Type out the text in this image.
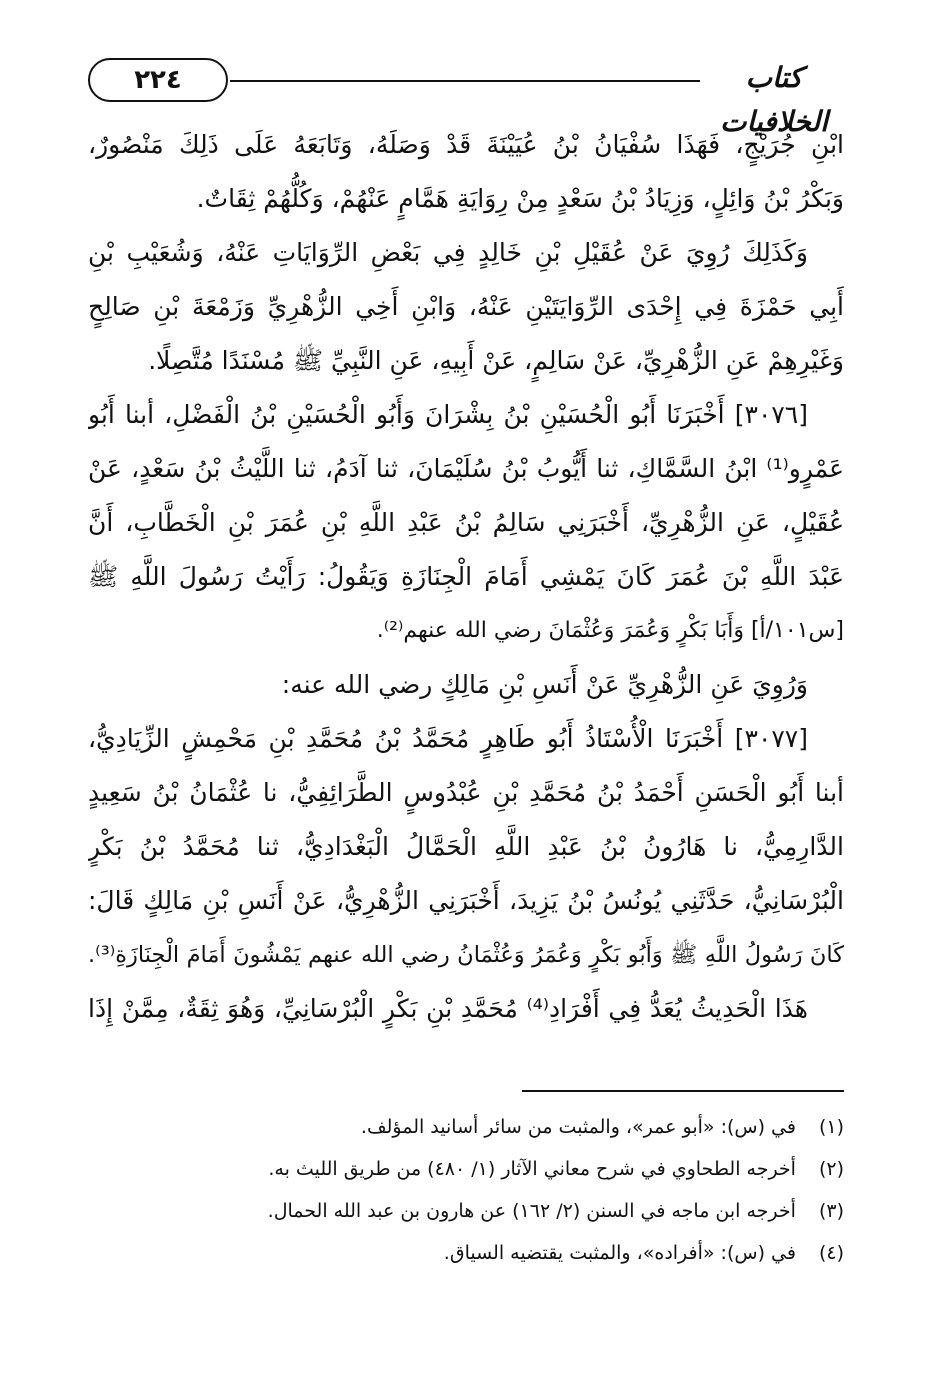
٢٢٤	كتاب الخلافيات
ابْنِ جُرَيْجٍ، فَهَذَا سُفْيَانُ بْنُ عُيَيْنَةَ قَدْ وَصَلَهُ، وَتَابَعَهُ عَلَى ذَلِكَ مَنْصُورٌ،
وَبَكْرُ بْنُ وَائِلٍ، وَزِيَادُ بْنُ سَعْدٍ مِنْ رِوَايَةِ هَمَّامٍ عَنْهُمْ، وَكُلُّهُمْ ثِقَاتٌ.
وَكَذَلِكَ رُوِيَ عَنْ عُقَيْلِ بْنِ خَالِدٍ فِي بَعْضِ الرِّوَايَاتِ عَنْهُ، وَشُعَيْبِ بْنِ
أَبِي حَمْزَةَ فِي إِحْدَى الرِّوَايَتَيْنِ عَنْهُ، وَابْنِ أَخِي الزُّهْرِيِّ وَزَمْعَةَ بْنِ صَالِحٍ
وَغَيْرِهِمْ عَنِ الزُّهْرِيِّ، عَنْ سَالِمٍ، عَنْ أَبِيهِ، عَنِ النَّبِيِّ ﷺ مُسْنَدًا مُتَّصِلًا.
[٣٠٧٦] أَخْبَرَنَا أَبُو الْحُسَيْنِ بْنُ بِشْرَانَ وَأَبُو الْحُسَيْنِ بْنُ الْفَضْلِ، أبنا أَبُو
عَمْرٍو⁽¹⁾ ابْنُ السَّمَّاكِ، ثنا أَيُّوبُ بْنُ سُلَيْمَانَ، ثنا آدَمُ، ثنا اللَّيْثُ بْنُ سَعْدٍ، عَنْ
عُقَيْلٍ، عَنِ الزُّهْرِيِّ، أَخْبَرَنِي سَالِمُ بْنُ عَبْدِ اللَّهِ بْنِ عُمَرَ بْنِ الْخَطَّابِ، أَنَّ
عَبْدَ اللَّهِ بْنَ عُمَرَ كَانَ يَمْشِي أَمَامَ الْجِنَازَةِ وَيَقُولُ: رَأَيْتُ رَسُولَ اللَّهِ ﷺ
[س١٠١/أ] وَأَبَا بَكْرٍ وَعُمَرَ وَعُثْمَانَ رضي الله عنهم⁽²⁾.
وَرُوِيَ عَنِ الزُّهْرِيِّ عَنْ أَنَسِ بْنِ مَالِكٍ رضي الله عنه:
[٣٠٧٧] أَخْبَرَنَا الْأُسْتَاذُ أَبُو طَاهِرٍ مُحَمَّدُ بْنُ مُحَمَّدِ بْنِ مَحْمِشٍ الزِّيَادِيُّ،
أبنا أَبُو الْحَسَنِ أَحْمَدُ بْنُ مُحَمَّدِ بْنِ عُبْدُوسٍ الطَّرَائِفِيُّ، نا عُثْمَانُ بْنُ سَعِيدٍ
الدَّارِمِيُّ، نا هَارُونُ بْنُ عَبْدِ اللَّهِ الْحَمَّالُ الْبَغْدَادِيُّ، ثنا مُحَمَّدُ بْنُ بَكْرٍ
الْبُرْسَانِيُّ، حَدَّثَنِي يُونُسُ بْنُ يَزِيدَ، أَخْبَرَنِي الزُّهْرِيُّ، عَنْ أَنَسِ بْنِ مَالِكٍ قَالَ:
كَانَ رَسُولُ اللَّهِ ﷺ وَأَبُو بَكْرٍ وَعُمَرُ وَعُثْمَانُ رضي الله عنهم يَمْشُونَ أَمَامَ الْجِنَازَةِ⁽³⁾.
هَذَا الْحَدِيثُ يُعَدُّ فِي أَفْرَادِ⁽⁴⁾ مُحَمَّدِ بْنِ بَكْرٍ الْبُرْسَانِيِّ، وَهُوَ ثِقَةٌ، مِمَّنْ إِذَا
(١) في (س): «أبو عمر»، والمثبت من سائر أسانيد المؤلف.
(٢) أخرجه الطحاوي في شرح معاني الآثار (١/ ٤٨٠) من طريق الليث به.
(٣) أخرجه ابن ماجه في السنن (٢/ ١٦٢) عن هارون بن عبد الله الحمال.
(٤) في (س): «أفراده»، والمثبت يقتضيه السياق.
